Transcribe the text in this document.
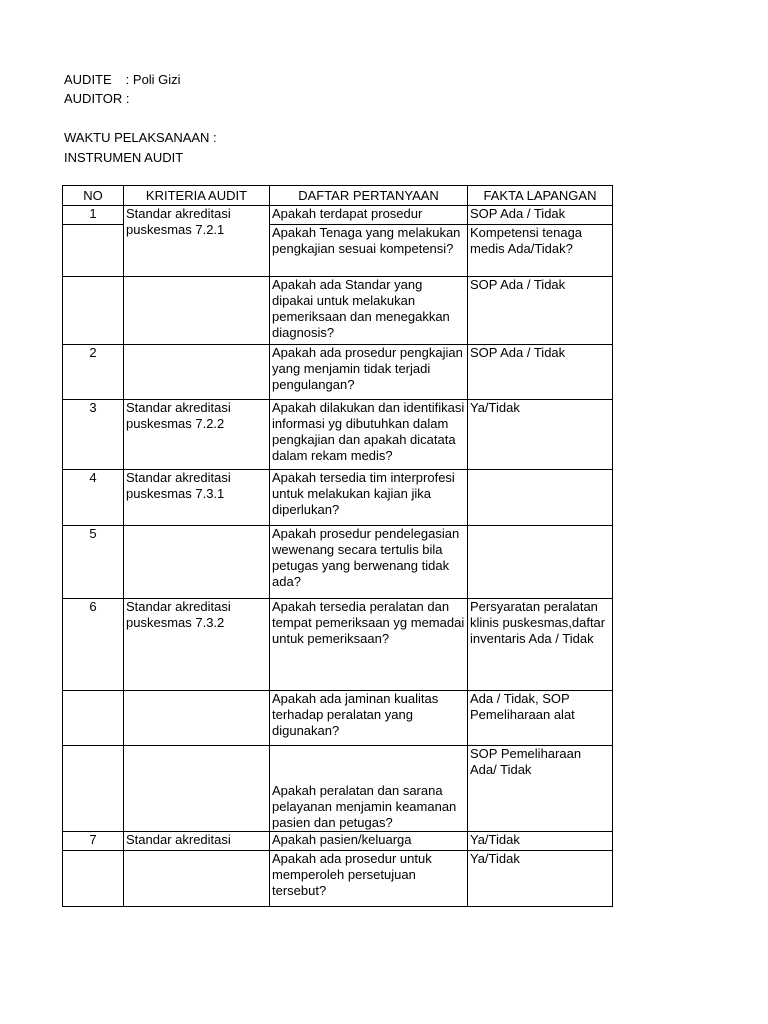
AUDITE : Poli Gizi
AUDITOR :
WAKTU PELAKSANAAN :
INSTRUMEN AUDIT
NO	KRITERIA AUDIT	DAFTAR PERTANYAAN	FAKTA LAPANGAN
1	Standar akreditasi puskesmas 7.2.1	Apakah terdapat prosedur	SOP Ada / Tidak
		Apakah Tenaga yang melakukan pengkajian sesuai kompetensi?	Kompetensi tenaga medis Ada/Tidak?
		Apakah ada Standar yang dipakai untuk melakukan pemeriksaan dan menegakkan diagnosis?	SOP Ada / Tidak
2		Apakah ada prosedur pengkajian yang menjamin tidak terjadi pengulangan?	SOP Ada / Tidak
3	Standar akreditasi puskesmas 7.2.2	Apakah dilakukan dan identifikasi informasi yg dibutuhkan dalam pengkajian dan apakah dicatata dalam rekam medis?	Ya/Tidak
4	Standar akreditasi puskesmas 7.3.1	Apakah tersedia tim interprofesi untuk melakukan kajian jika diperlukan?	
5		Apakah prosedur pendelegasian wewenang secara tertulis bila petugas yang berwenang tidak ada?	
6	Standar akreditasi puskesmas 7.3.2	Apakah tersedia peralatan dan tempat pemeriksaan yg memadai untuk pemeriksaan?	Persyaratan peralatan klinis puskesmas,daftar inventaris Ada / Tidak
		Apakah ada jaminan kualitas terhadap peralatan yang digunakan?	Ada / Tidak, SOP Pemeliharaan alat
		Apakah peralatan dan sarana pelayanan menjamin keamanan pasien dan petugas?	SOP Pemeliharaan Ada/ Tidak
7	Standar akreditasi	Apakah pasien/keluarga	Ya/Tidak
		Apakah ada prosedur untuk memperoleh persetujuan tersebut?	Ya/Tidak
